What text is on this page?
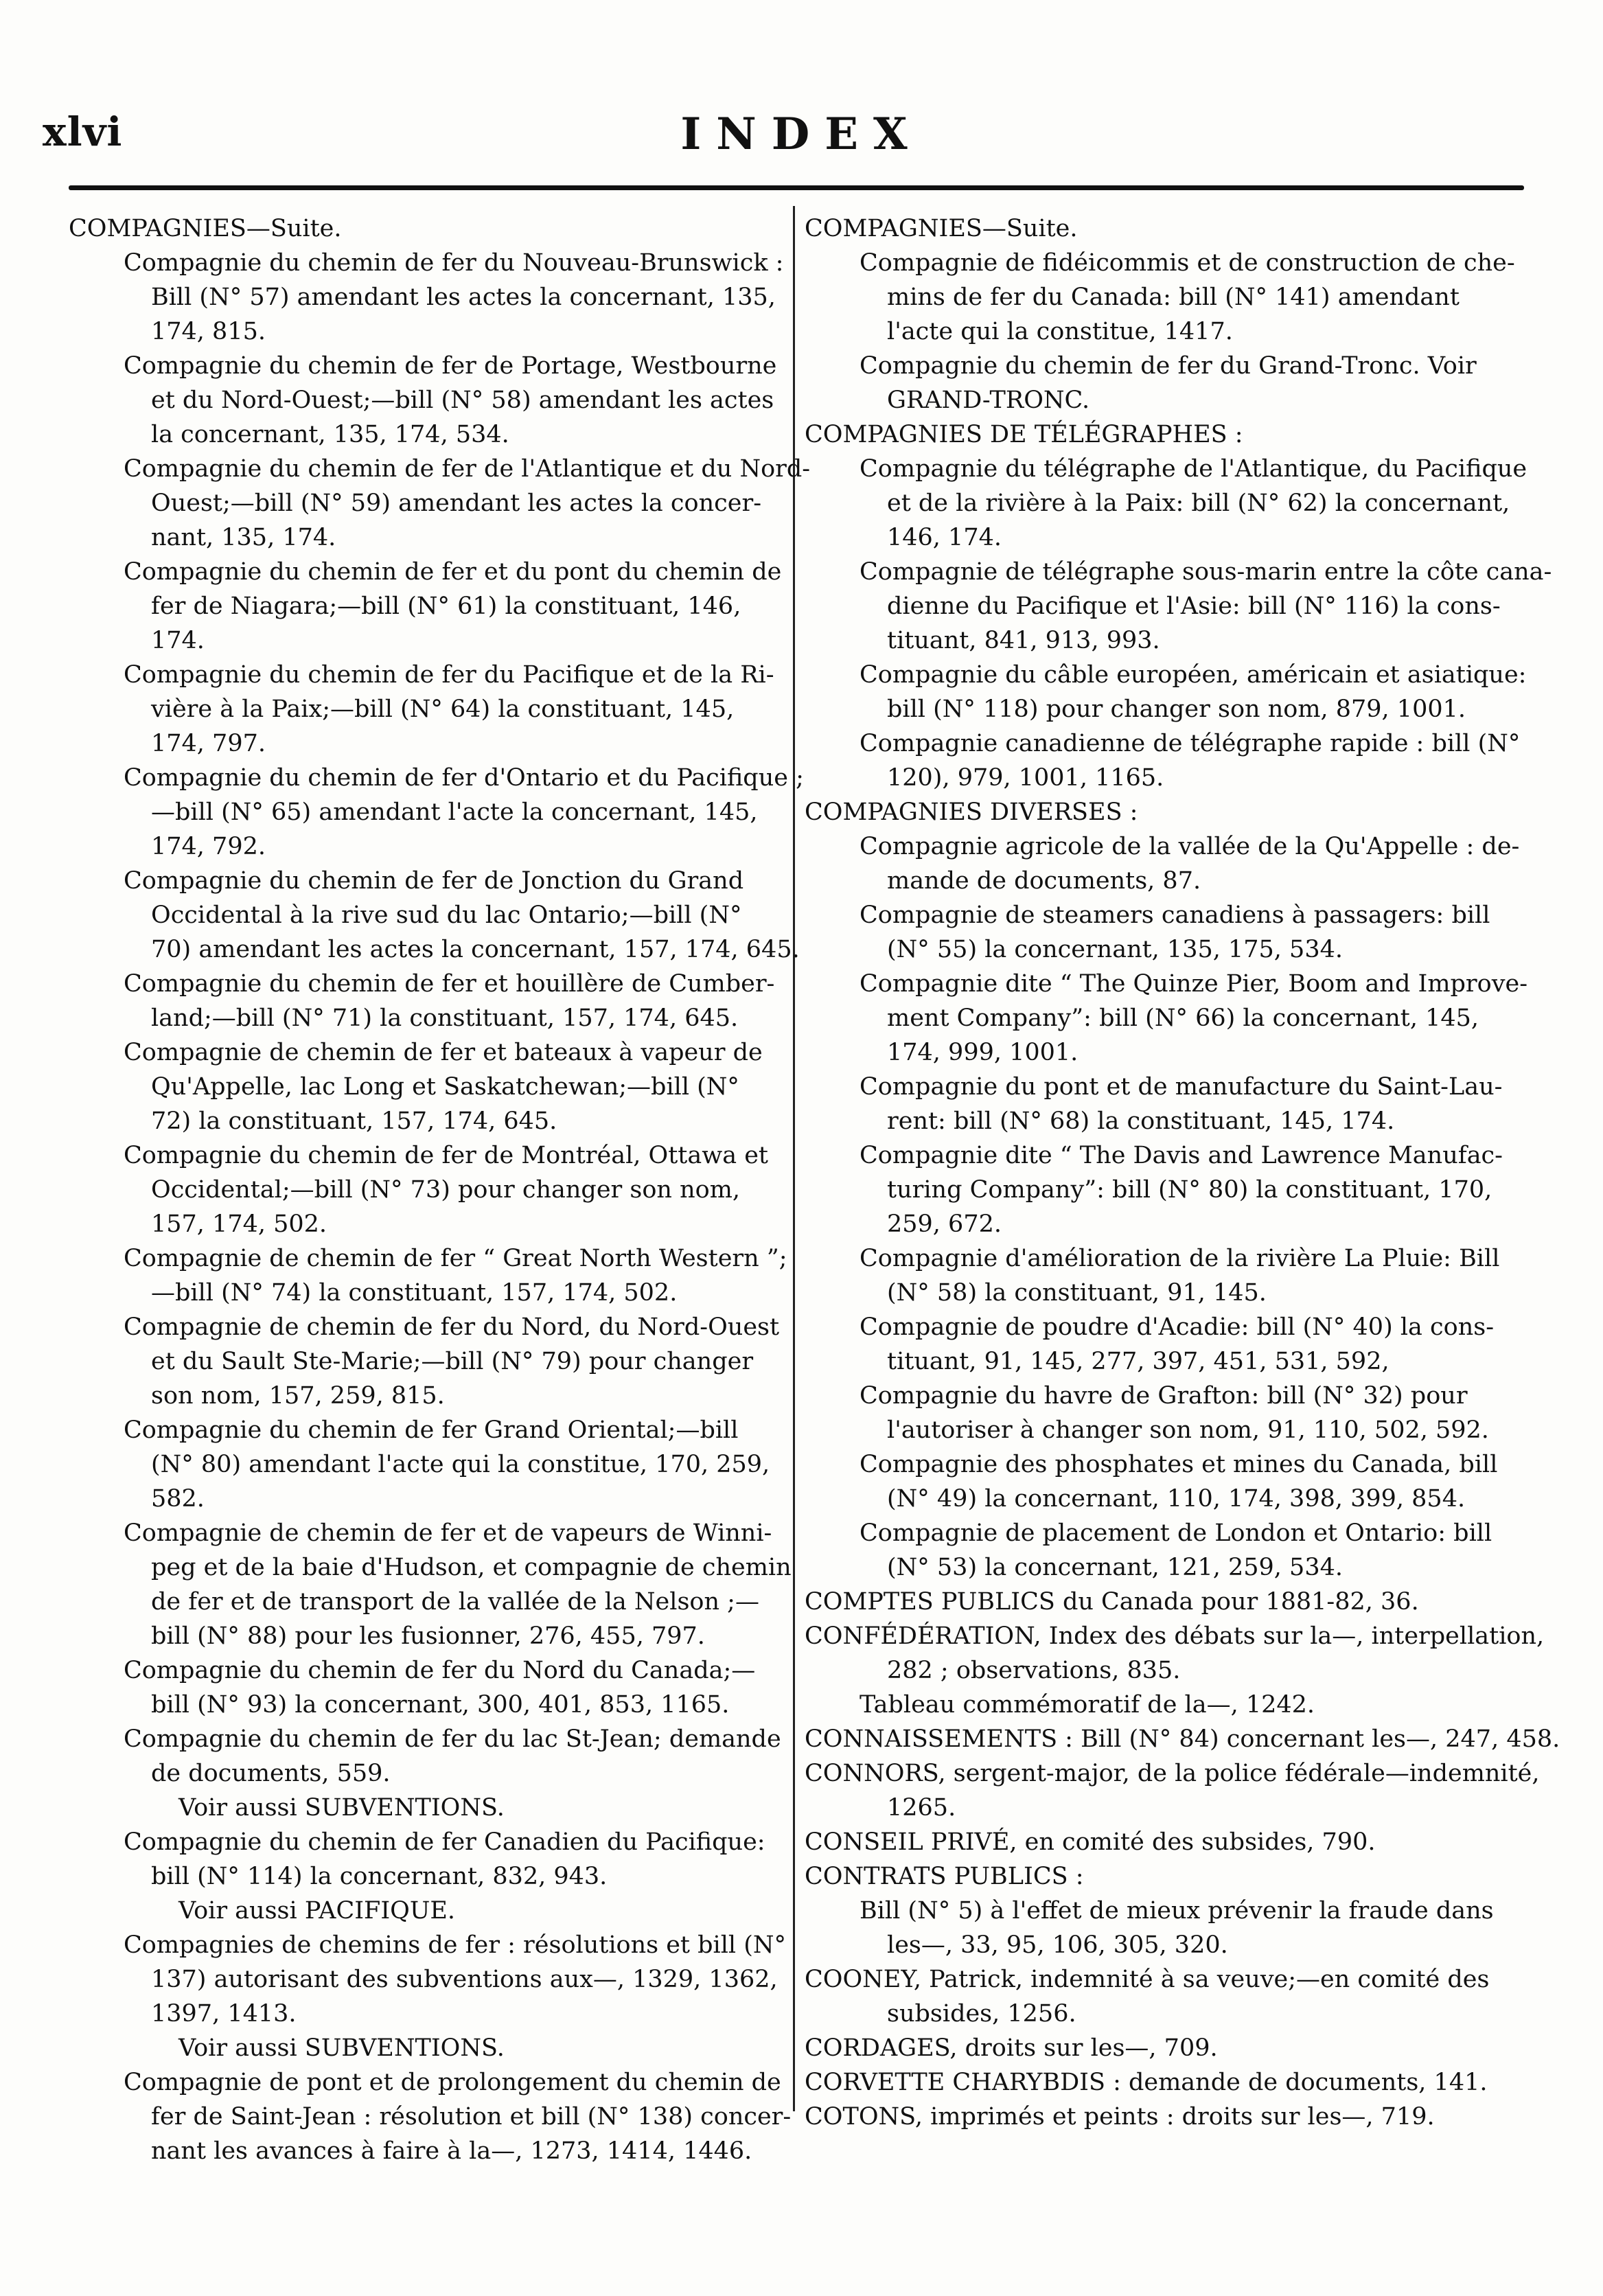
xlvi	INDEX
COMPAGNIES—Suite.
Compagnie du chemin de fer du Nouveau-Brunswick :
Bill (N° 57) amendant les actes la concernant, 135,
174, 815.
Compagnie du chemin de fer de Portage, Westbourne
et du Nord-Ouest;—bill (N° 58) amendant les actes
la concernant, 135, 174, 534.
Compagnie du chemin de fer de l'Atlantique et du Nord-
Ouest;—bill (N° 59) amendant les actes la concer-
nant, 135, 174.
Compagnie du chemin de fer et du pont du chemin de
fer de Niagara;—bill (N° 61) la constituant, 146,
174.
Compagnie du chemin de fer du Pacifique et de la Ri-
vière à la Paix;—bill (N° 64) la constituant, 145,
174, 797.
Compagnie du chemin de fer d'Ontario et du Pacifique ;
—bill (N° 65) amendant l'acte la concernant, 145,
174, 792.
Compagnie du chemin de fer de Jonction du Grand
Occidental à la rive sud du lac Ontario;—bill (N°
70) amendant les actes la concernant, 157, 174, 645.
Compagnie du chemin de fer et houillère de Cumber-
land;—bill (N° 71) la constituant, 157, 174, 645.
Compagnie de chemin de fer et bateaux à vapeur de
Qu'Appelle, lac Long et Saskatchewan;—bill (N°
72) la constituant, 157, 174, 645.
Compagnie du chemin de fer de Montréal, Ottawa et
Occidental;—bill (N° 73) pour changer son nom,
157, 174, 502.
Compagnie de chemin de fer “ Great North Western ”;
—bill (N° 74) la constituant, 157, 174, 502.
Compagnie de chemin de fer du Nord, du Nord-Ouest
et du Sault Ste-Marie;—bill (N° 79) pour changer
son nom, 157, 259, 815.
Compagnie du chemin de fer Grand Oriental;—bill
(N° 80) amendant l'acte qui la constitue, 170, 259,
582.
Compagnie de chemin de fer et de vapeurs de Winni-
peg et de la baie d'Hudson, et compagnie de chemin
de fer et de transport de la vallée de la Nelson ;—
bill (N° 88) pour les fusionner, 276, 455, 797.
Compagnie du chemin de fer du Nord du Canada;—
bill (N° 93) la concernant, 300, 401, 853, 1165.
Compagnie du chemin de fer du lac St-Jean; demande
de documents, 559.
Voir aussi SUBVENTIONS.
Compagnie du chemin de fer Canadien du Pacifique:
bill (N° 114) la concernant, 832, 943.
Voir aussi PACIFIQUE.
Compagnies de chemins de fer : résolutions et bill (N°
137) autorisant des subventions aux—, 1329, 1362,
1397, 1413.
Voir aussi SUBVENTIONS.
Compagnie de pont et de prolongement du chemin de
fer de Saint-Jean : résolution et bill (N° 138) concer-
nant les avances à faire à la—, 1273, 1414, 1446.
COMPAGNIES—Suite.
Compagnie de fidéicommis et de construction de che-
mins de fer du Canada: bill (N° 141) amendant
l'acte qui la constitue, 1417.
Compagnie du chemin de fer du Grand-Tronc. Voir
GRAND-TRONC.
COMPAGNIES DE TÉLÉGRAPHES :
Compagnie du télégraphe de l'Atlantique, du Pacifique
et de la rivière à la Paix: bill (N° 62) la concernant,
146, 174.
Compagnie de télégraphe sous-marin entre la côte cana-
dienne du Pacifique et l'Asie: bill (N° 116) la cons-
tituant, 841, 913, 993.
Compagnie du câble européen, américain et asiatique:
bill (N° 118) pour changer son nom, 879, 1001.
Compagnie canadienne de télégraphe rapide : bill (N°
120), 979, 1001, 1165.
COMPAGNIES DIVERSES :
Compagnie agricole de la vallée de la Qu'Appelle : de-
mande de documents, 87.
Compagnie de steamers canadiens à passagers: bill
(N° 55) la concernant, 135, 175, 534.
Compagnie dite “ The Quinze Pier, Boom and Improve-
ment Company”: bill (N° 66) la concernant, 145,
174, 999, 1001.
Compagnie du pont et de manufacture du Saint-Lau-
rent: bill (N° 68) la constituant, 145, 174.
Compagnie dite “ The Davis and Lawrence Manufac-
turing Company”: bill (N° 80) la constituant, 170,
259, 672.
Compagnie d'amélioration de la rivière La Pluie: Bill
(N° 58) la constituant, 91, 145.
Compagnie de poudre d'Acadie: bill (N° 40) la cons-
tituant, 91, 145, 277, 397, 451, 531, 592,
Compagnie du havre de Grafton: bill (N° 32) pour
l'autoriser à changer son nom, 91, 110, 502, 592.
Compagnie des phosphates et mines du Canada, bill
(N° 49) la concernant, 110, 174, 398, 399, 854.
Compagnie de placement de London et Ontario: bill
(N° 53) la concernant, 121, 259, 534.
COMPTES PUBLICS du Canada pour 1881-82, 36.
CONFÉDÉRATION, Index des débats sur la—, interpellation,
282 ; observations, 835.
Tableau commémoratif de la—, 1242.
CONNAISSEMENTS : Bill (N° 84) concernant les—, 247, 458.
CONNORS, sergent-major, de la police fédérale—indemnité,
1265.
CONSEIL PRIVÉ, en comité des subsides, 790.
CONTRATS PUBLICS :
Bill (N° 5) à l'effet de mieux prévenir la fraude dans
les—, 33, 95, 106, 305, 320.
COONEY, Patrick, indemnité à sa veuve;—en comité des
subsides, 1256.
CORDAGES, droits sur les—, 709.
CORVETTE CHARYBDIS : demande de documents, 141.
COTONS, imprimés et peints : droits sur les—, 719.
